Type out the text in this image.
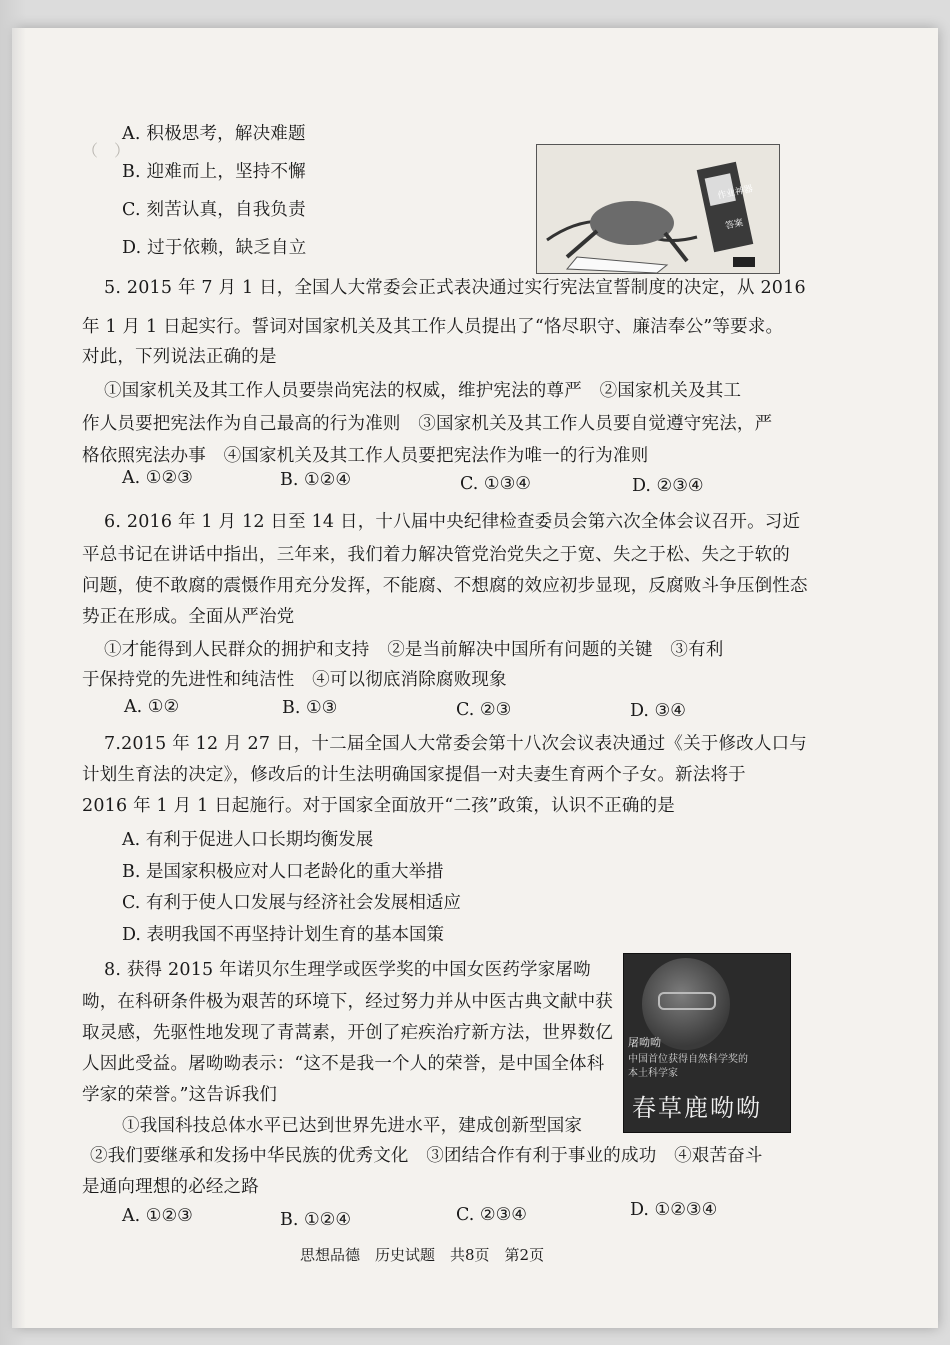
（　）　　　　　　　　　　　　　　　　　　　　　
A. 积极思考，解决难题
B. 迎难而上，坚持不懈
C. 刻苦认真，自我负责
D. 过于依赖，缺乏自立
作业神器
答案
5. 2015 年 7 月 1 日，全国人大常委会正式表决通过实行宪法宣誓制度的决定，从 2016
年 1 月 1 日起实行。誓词对国家机关及其工作人员提出了“恪尽职守、廉洁奉公”等要求。
对此，下列说法正确的是
①国家机关及其工作人员要崇尚宪法的权威，维护宪法的尊严　②国家机关及其工
作人员要把宪法作为自己最高的行为准则　③国家机关及其工作人员要自觉遵守宪法，严
格依照宪法办事　④国家机关及其工作人员要把宪法作为唯一的行为准则
A. ①②③	B. ①②④	C. ①③④	D. ②③④
6. 2016 年 1 月 12 日至 14 日，十八届中央纪律检查委员会第六次全体会议召开。习近
平总书记在讲话中指出，三年来，我们着力解决管党治党失之于宽、失之于松、失之于软的
问题，使不敢腐的震慑作用充分发挥，不能腐、不想腐的效应初步显现，反腐败斗争压倒性态
势正在形成。全面从严治党
①才能得到人民群众的拥护和支持　②是当前解决中国所有问题的关键　③有利
于保持党的先进性和纯洁性　④可以彻底消除腐败现象
A. ①②	B. ①③	C. ②③	D. ③④
7.2015 年 12 月 27 日，十二届全国人大常委会第十八次会议表决通过《关于修改人口与
计划生育法的决定》，修改后的计生法明确国家提倡一对夫妻生育两个子女。新法将于
2016 年 1 月 1 日起施行。对于国家全面放开“二孩”政策，认识不正确的是
A. 有利于促进人口长期均衡发展
B. 是国家积极应对人口老龄化的重大举措
C. 有利于使人口发展与经济社会发展相适应
D. 表明我国不再坚持计划生育的基本国策
8. 获得 2015 年诺贝尔生理学或医学奖的中国女医药学家屠呦
呦，在科研条件极为艰苦的环境下，经过努力并从中医古典文献中获
取灵感，先驱性地发现了青蒿素，开创了疟疾治疗新方法，世界数亿
人因此受益。屠呦呦表示：“这不是我一个人的荣誉，是中国全体科
学家的荣誉。”这告诉我们
①我国科技总体水平已达到世界先进水平，建成创新型国家
②我们要继承和发扬中华民族的优秀文化　③团结合作有利于事业的成功　④艰苦奋斗
是通向理想的必经之路
A. ①②③	B. ①②④	C. ②③④	D. ①②③④
屠呦呦
中国首位获得自然科学奖的
本土科学家
春草鹿呦呦
思想品德　历史试题　共8页　第2页
